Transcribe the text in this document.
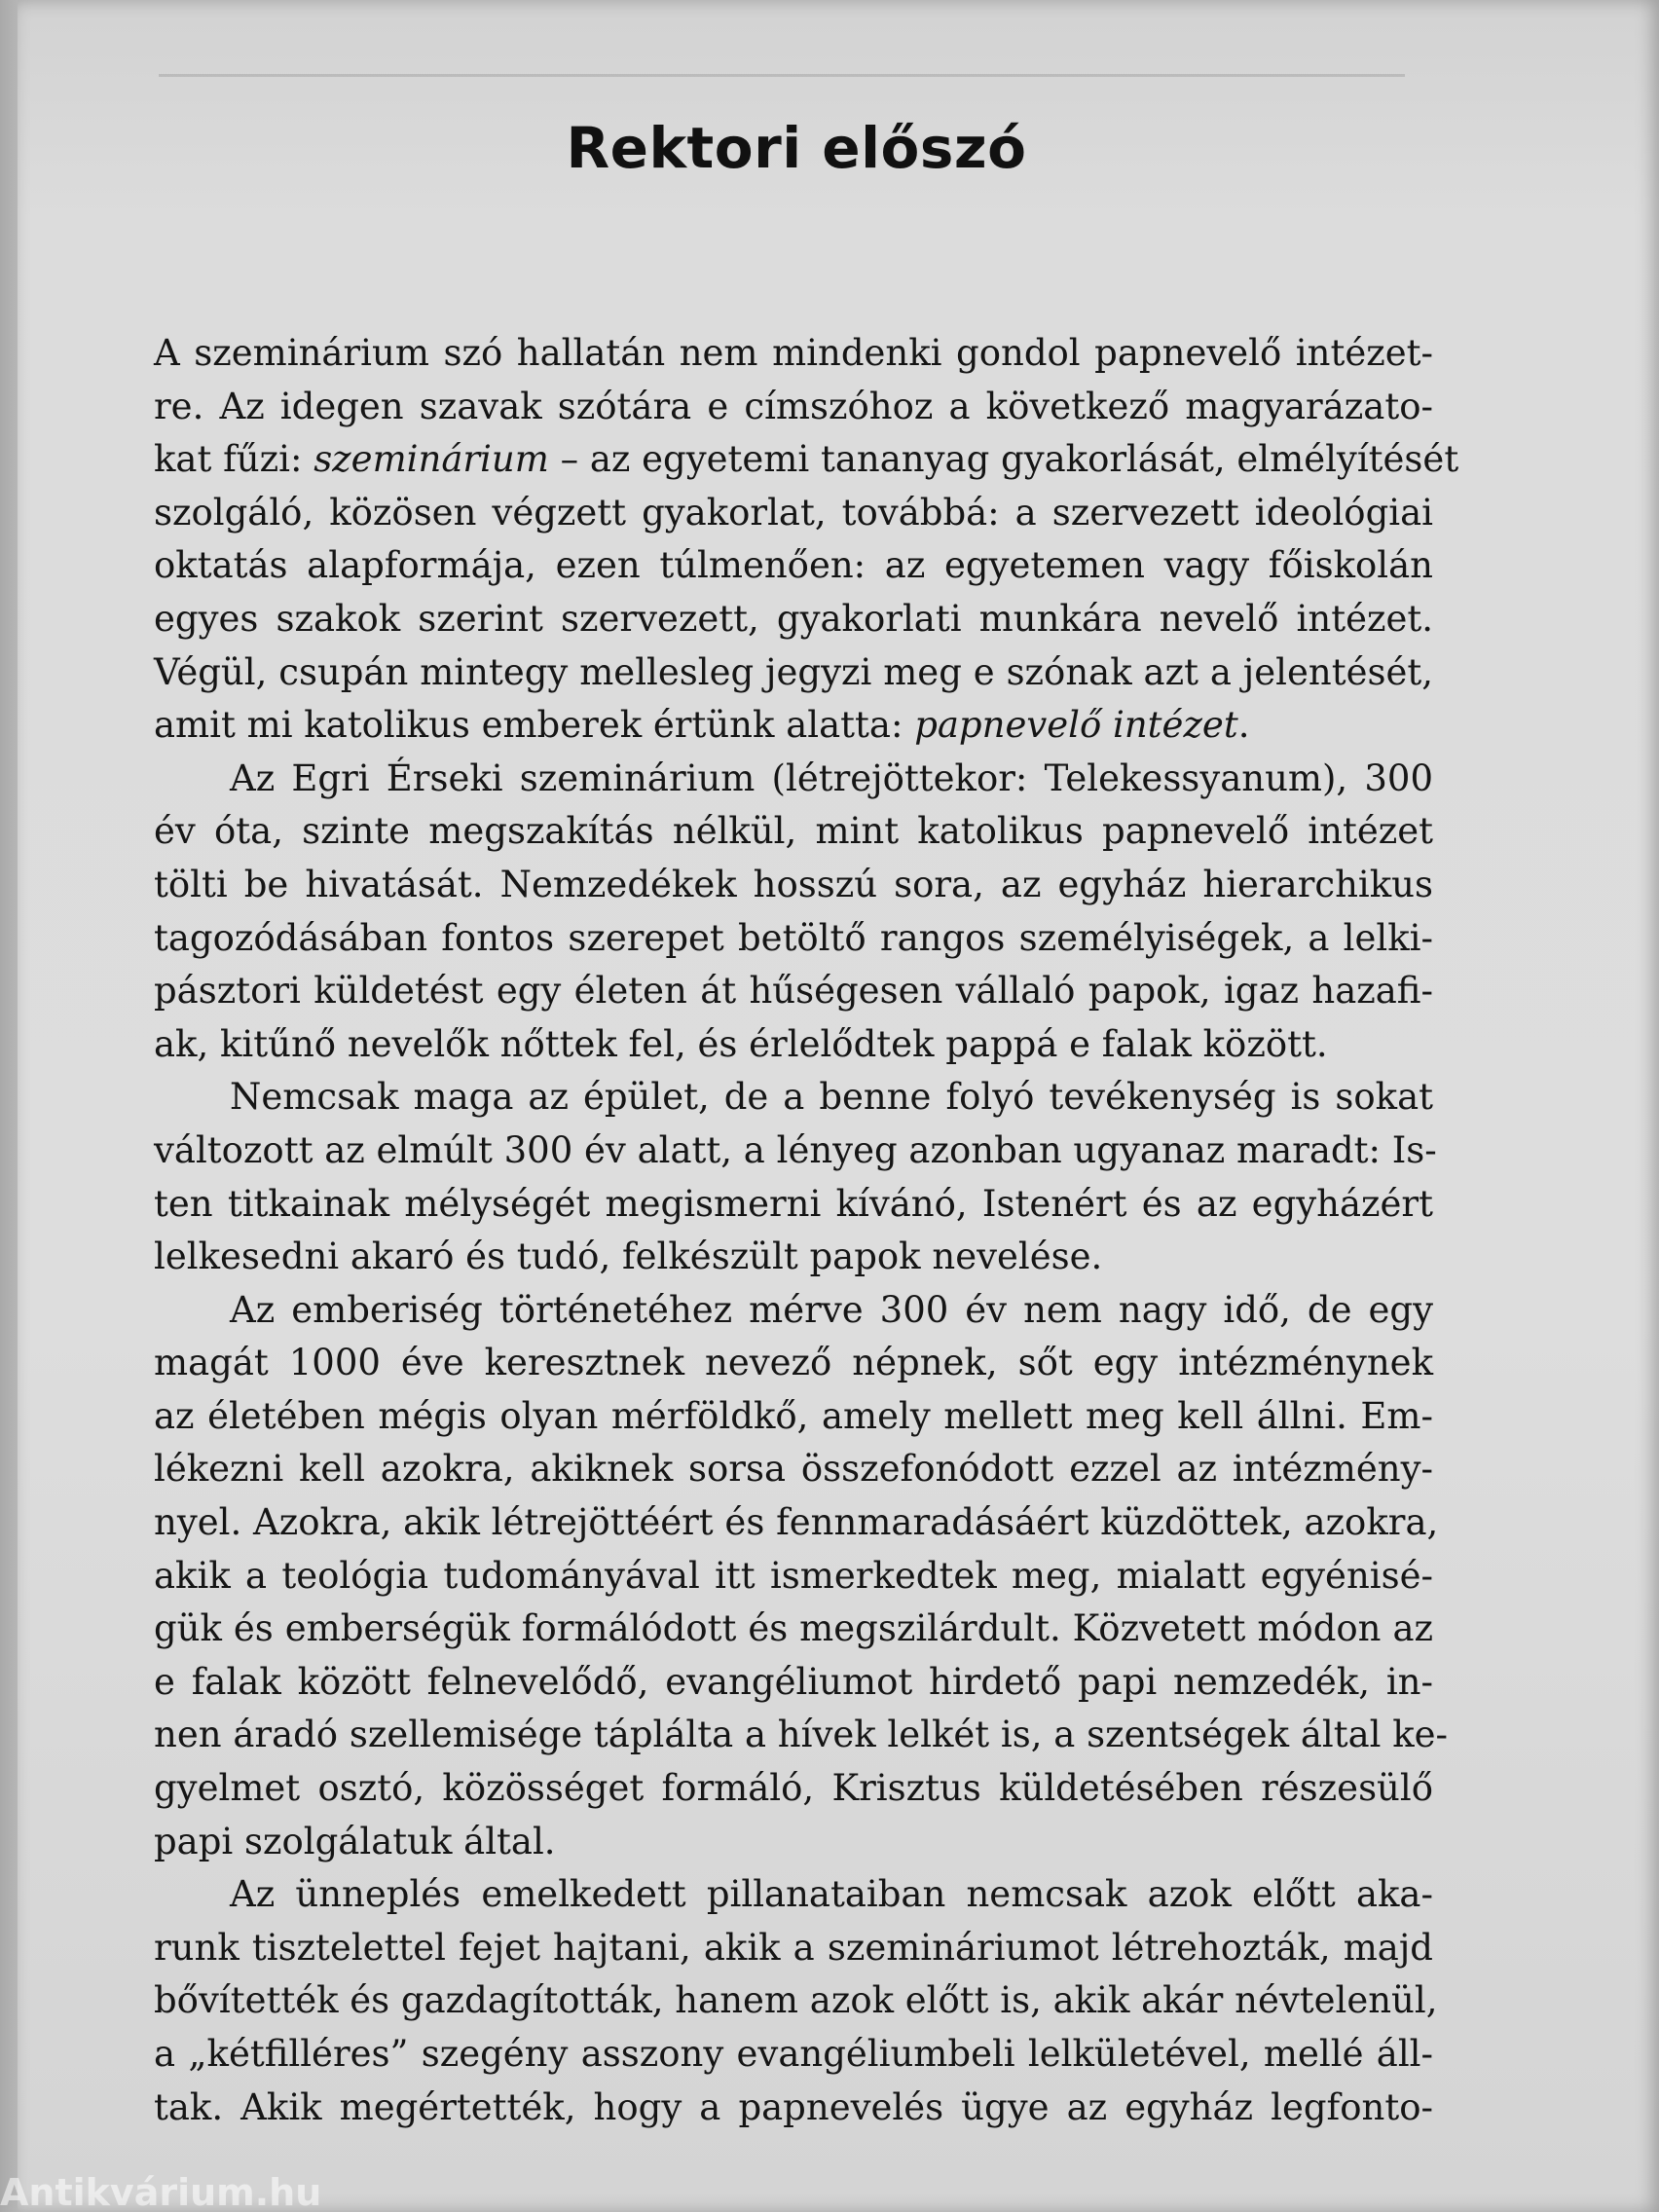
Rektori előszó

A szeminárium szó hallatán nem mindenki gondol papnevelő intézet-
re. Az idegen szavak szótára e címszóhoz a következő magyarázato-
kat fűzi: szeminárium – az egyetemi tananyag gyakorlását, elmélyítését
szolgáló, közösen végzett gyakorlat, továbbá: a szervezett ideológiai
oktatás alapformája, ezen túlmenően: az egyetemen vagy főiskolán
egyes szakok szerint szervezett, gyakorlati munkára nevelő intézet.
Végül, csupán mintegy mellesleg jegyzi meg e szónak azt a jelentését,
amit mi katolikus emberek értünk alatta: papnevelő intézet.

Az Egri Érseki szeminárium (létrejöttekor: Telekessyanum), 300
év óta, szinte megszakítás nélkül, mint katolikus papnevelő intézet
tölti be hivatását. Nemzedékek hosszú sora, az egyház hierarchikus
tagozódásában fontos szerepet betöltő rangos személyiségek, a lelki-
pásztori küldetést egy életen át hűségesen vállaló papok, igaz hazafi-
ak, kitűnő nevelők nőttek fel, és érlelődtek pappá e falak között.

Nemcsak maga az épület, de a benne folyó tevékenység is sokat
változott az elmúlt 300 év alatt, a lényeg azonban ugyanaz maradt: Is-
ten titkainak mélységét megismerni kívánó, Istenért és az egyházért
lelkesedni akaró és tudó, felkészült papok nevelése.

Az emberiség történetéhez mérve 300 év nem nagy idő, de egy
magát 1000 éve keresztnek nevező népnek, sőt egy intézménynek
az életében mégis olyan mérföldkő, amely mellett meg kell állni. Em-
lékezni kell azokra, akiknek sorsa összefonódott ezzel az intézmény-
nyel. Azokra, akik létrejöttéért és fennmaradásáért küzdöttek, azokra,
akik a teológia tudományával itt ismerkedtek meg, mialatt egyénisé-
gük és emberségük formálódott és megszilárdult. Közvetett módon az
e falak között felnevelődő, evangéliumot hirdető papi nemzedék, in-
nen áradó szellemisége táplálta a hívek lelkét is, a szentségek által ke-
gyelmet osztó, közösséget formáló, Krisztus küldetésében részesülő
papi szolgálatuk által.

Az ünneplés emelkedett pillanataiban nemcsak azok előtt aka-
runk tisztelettel fejet hajtani, akik a szemináriumot létrehozták, majd
bővítették és gazdagították, hanem azok előtt is, akik akár névtelenül,
a „kétfilléres” szegény asszony evangéliumbeli lelkületével, mellé áll-
tak. Akik megértették, hogy a papnevelés ügye az egyház legfonto-

Antikvárium.hu
